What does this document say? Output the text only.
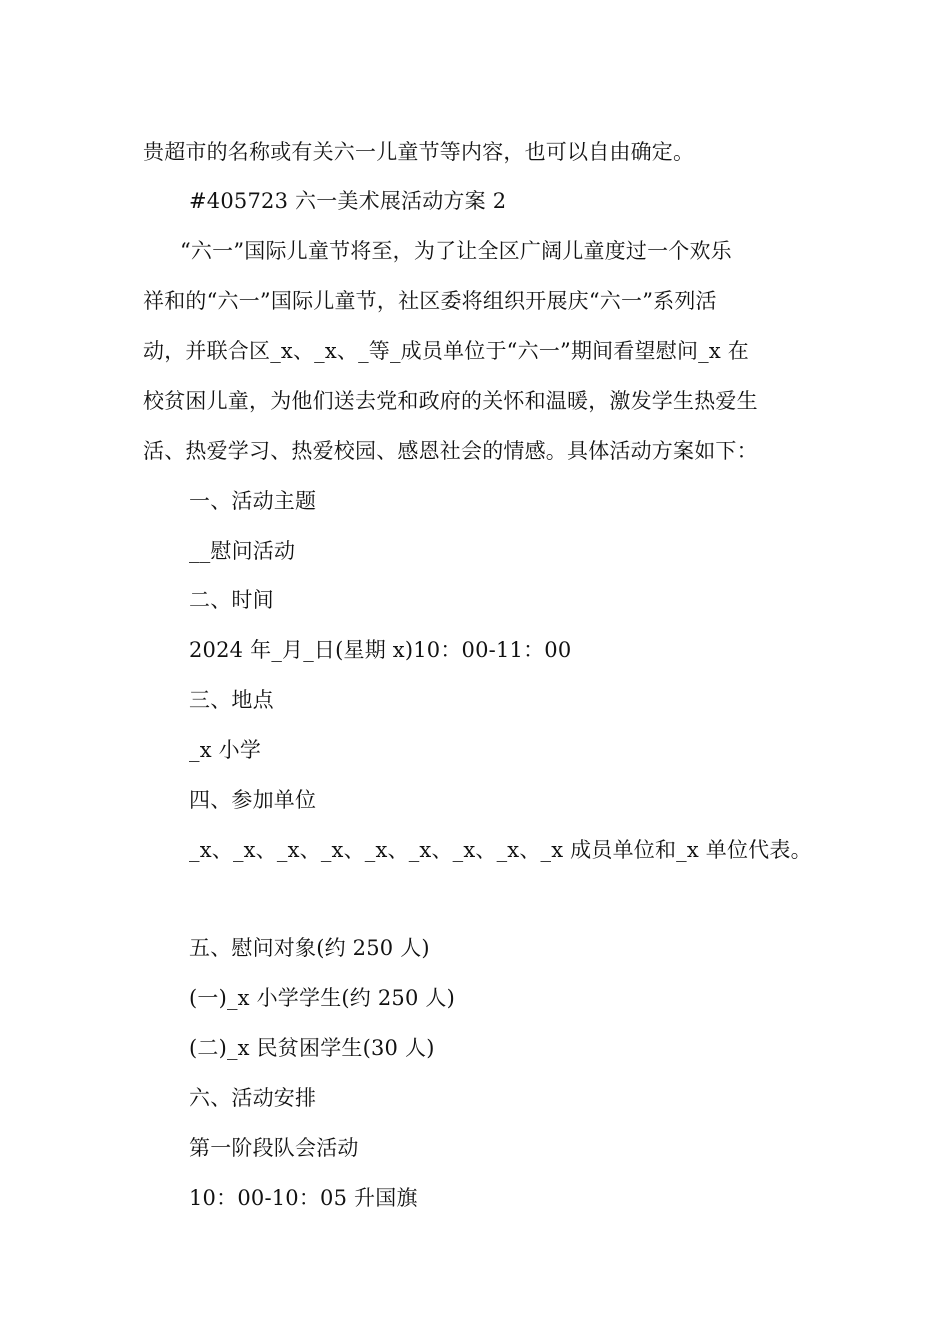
贵超市的名称或有关六一儿童节等内容，也可以自由确定。
#405723 六一美术展活动方案 2
“六一”国际儿童节将至，为了让全区广阔儿童度过一个欢乐
祥和的“六一”国际儿童节，社区委将组织开展庆“六一”系列活
动，并联合区_x、_x、_等_成员单位于“六一”期间看望慰问_x 在
校贫困儿童，为他们送去党和政府的关怀和温暖，激发学生热爱生
活、热爱学习、热爱校园、感恩社会的情感。具体活动方案如下：
一、活动主题
__慰问活动
二、时间
2024 年_月_日(星期 x)10：00-11：00
三、地点
_x 小学
四、参加单位
_x、_x、_x、_x、_x、_x、_x、_x、_x 成员单位和_x 单位代表。
五、慰问对象(约 250 人)
(一)_x 小学学生(约 250 人)
(二)_x 民贫困学生(30 人)
六、活动安排
第一阶段队会活动
10：00-10：05 升国旗
